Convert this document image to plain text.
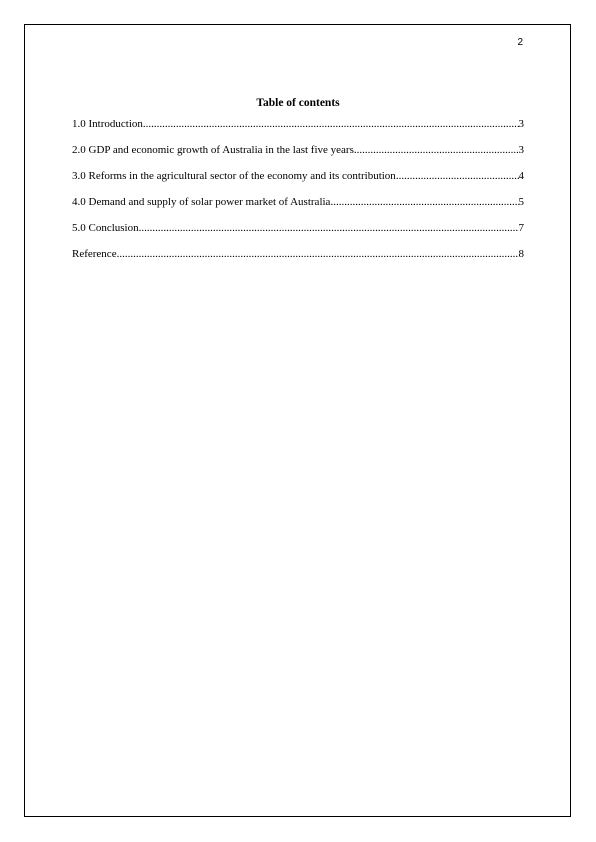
2
Table of contents
1.0 Introduction .....	3
2.0 GDP and economic growth of Australia in the last five years .....	3
3.0 Reforms in the agricultural sector of the economy and its contribution .....	4
4.0 Demand and supply of solar power market of Australia .....	5
5.0 Conclusion .....	7
Reference .....	8
